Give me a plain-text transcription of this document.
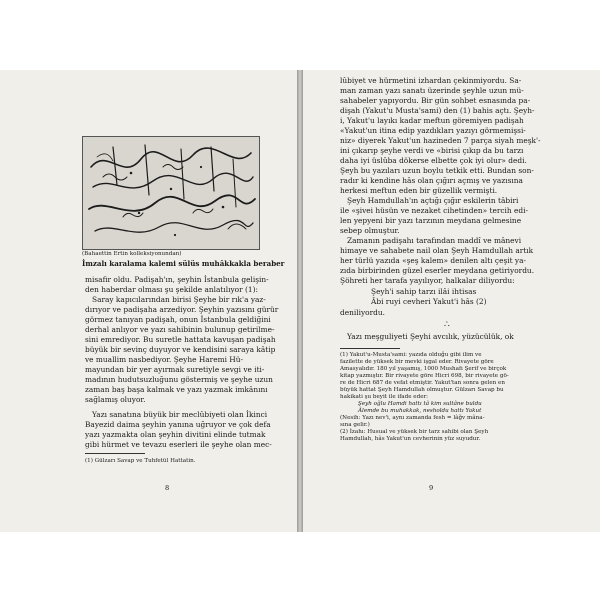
(Bahaettin Ertin kolleksiyonundan)

İmzalı karalama kalemi sülüs muhâkkakla beraber

misafir oldu. Padişah'ın, şeyhin İstanbula gelişin-

den haberdar olması şu şekilde anlatılıyor (1):

Saray kapıcılarından birisi Şeyhe bir rık'a yaz-

dırıyor ve padişaha arzediyor. Şeyhin yazısını gürür

görmez tanıyan padişah, onun İstanbula geldiğini

derhal anlıyor ve yazı sahibinin bulunup getirilme-

sini emrediyor. Bu suretle hattata kavuşan padişah

büyük bir sevinç duyuyor ve kendisini saraya kâtip

ve muallim nasbediyor. Şeyhe Haremi Hü-

mayundan bir yer ayırmak suretiyle sevgi ve iti-

madının hudutsuzluğunu göstermiş ve şeyhe uzun

zaman baş başa kalmak ve yazı yazmak imkânını

sağlamış oluyor.

Yazı sanatına büyük bir meclûbiyeti olan İkinci

Bayezid daima şeyhin yanına uğruyor ve çok defa

yazı yazmakta olan şeyhin divitini elinde tutmak

gibi hürmet ve tevazu eserleri ile şeyhe olan mec-

(1) Gülzarı Savap ve Tuhfetül Hattatin.

8

lûbiyet ve hürmetini izhardan çekinmiyordu. Sa-

man zaman yazı sanatı üzerinde şeyhle uzun mü-

sahabeler yapıyordu. Bir gün sohbet esnasında pa-

dişah (Yakut'u Musta'sami) den (1) bahis açtı. Şeyh-

i, Yakut'u layıkı kadar meftun göremiyen padişah

«Yakut'un itina edip yazdıkları yazıyı görmemişsi-

niz» diyerek Yakut'un hazineden 7 parça siyah meşk'-

ini çıkarıp şeyhe verdi ve «birisi çıkıp da bu tarzı

daha iyi üslûba dökerse elbette çok iyi olur» dedi.

Şeyh bu yazıları uzun boylu tetkik etti. Bundan son-

radır ki kendine hâs olan çığırı açmış ve yazısına

herkesi meftun eden bir güzellik vermişti.

Şeyh Hamdullah'ın açtığı çığır eskilerin tâbiri

ile «şivei hüsün ve nezaket cihetinden» tercih edi-

len yepyeni bir yazı tarzının meydana gelmesine

sebep olmuştur.

Zamanın padişahı tarafından maddî ve mânevi

himaye ve sahabete nail olan Şeyh Hamdullah artık

her türlü yazıda «şeş kalem» denilen altı çeşit ya-

zıda birbirinden güzel eserler meydana getiriyordu.

Şöhreti her tarafa yayılıyor, halkalar diliyordu:

Şeyh'i sahip tarzı ilâi ihtisas

Âbi ruyi cevheri Yakut'i hâs (2)

deniliyordu.

∴

Yazı meşguliyeti Şeyhi avcılık, yüzücülük, ok

(1) Yakut'u-Musta'sami: yazıda olduğu gibi ilim ve

fazilette de yüksek bir mevki işgal eder. Rivayete göre

Amasyalıdır. 180 yıl yaşamış, 1000 Mushafı Şerif ve birçok

kitap yazmıştır. Bir rivayete göre Hicri 698, bir rivayete gö-

re de Hicri 687 de vefat etmiştir. Yakut'tan sonra gelen en

büyük hattat Şeyh Hamdullah olmuştur. Gülzarı Savap bu

hakikati şu beyit ile ifade eder:

Şeyh oğlu Hamdi hattı tâ kim sultâne buldu

Âlemde bu muhakkak, nesholdu hattı Yakut

(Nesih: Yazı nev'i, aynı zamanda fesh = lâğv mâna-

sına gelir.)

(2) İzahı: Husual ve yüksek bir tarz sahibi olan Şeyh

Hamdullah, hâs Yakut'un cevherinin yüz suyudur.

9
